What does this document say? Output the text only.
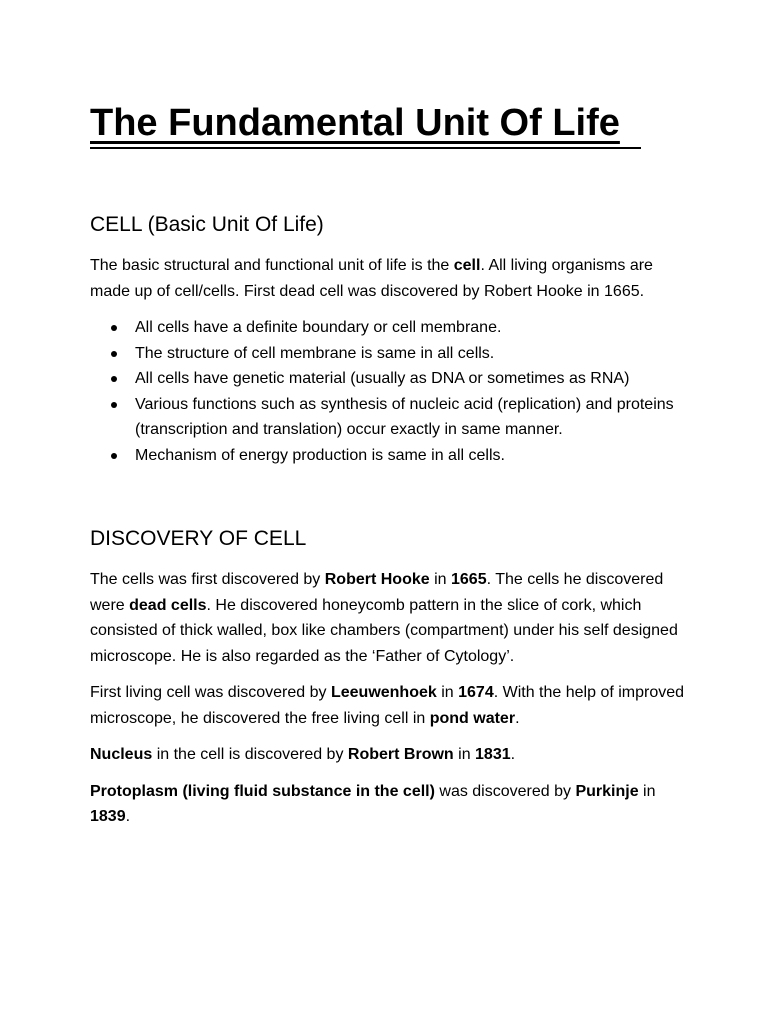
The Fundamental Unit Of Life
CELL (Basic Unit Of Life)

The basic structural and functional unit of life is the cell. All living organisms are made up of cell/cells. First dead cell was discovered by Robert Hooke in 1665.

All cells have a definite boundary or cell membrane.
The structure of cell membrane is same in all cells.
All cells have genetic material (usually as DNA or sometimes as RNA)
Various functions such as synthesis of nucleic acid (replication) and proteins (transcription and translation) occur exactly in same manner.
Mechanism of energy production is same in all cells.
DISCOVERY OF CELL

The cells was first discovered by Robert Hooke in 1665. The cells he discovered were dead cells. He discovered honeycomb pattern in the slice of cork, which consisted of thick walled, box like chambers (compartment) under his self designed microscope. He is also regarded as the ‘Father of Cytology’.

First living cell was discovered by Leeuwenhoek in 1674. With the help of improved microscope, he discovered the free living cell in pond water.

Nucleus in the cell is discovered by Robert Brown in 1831.

Protoplasm (living fluid substance in the cell) was discovered by Purkinje in 1839.
